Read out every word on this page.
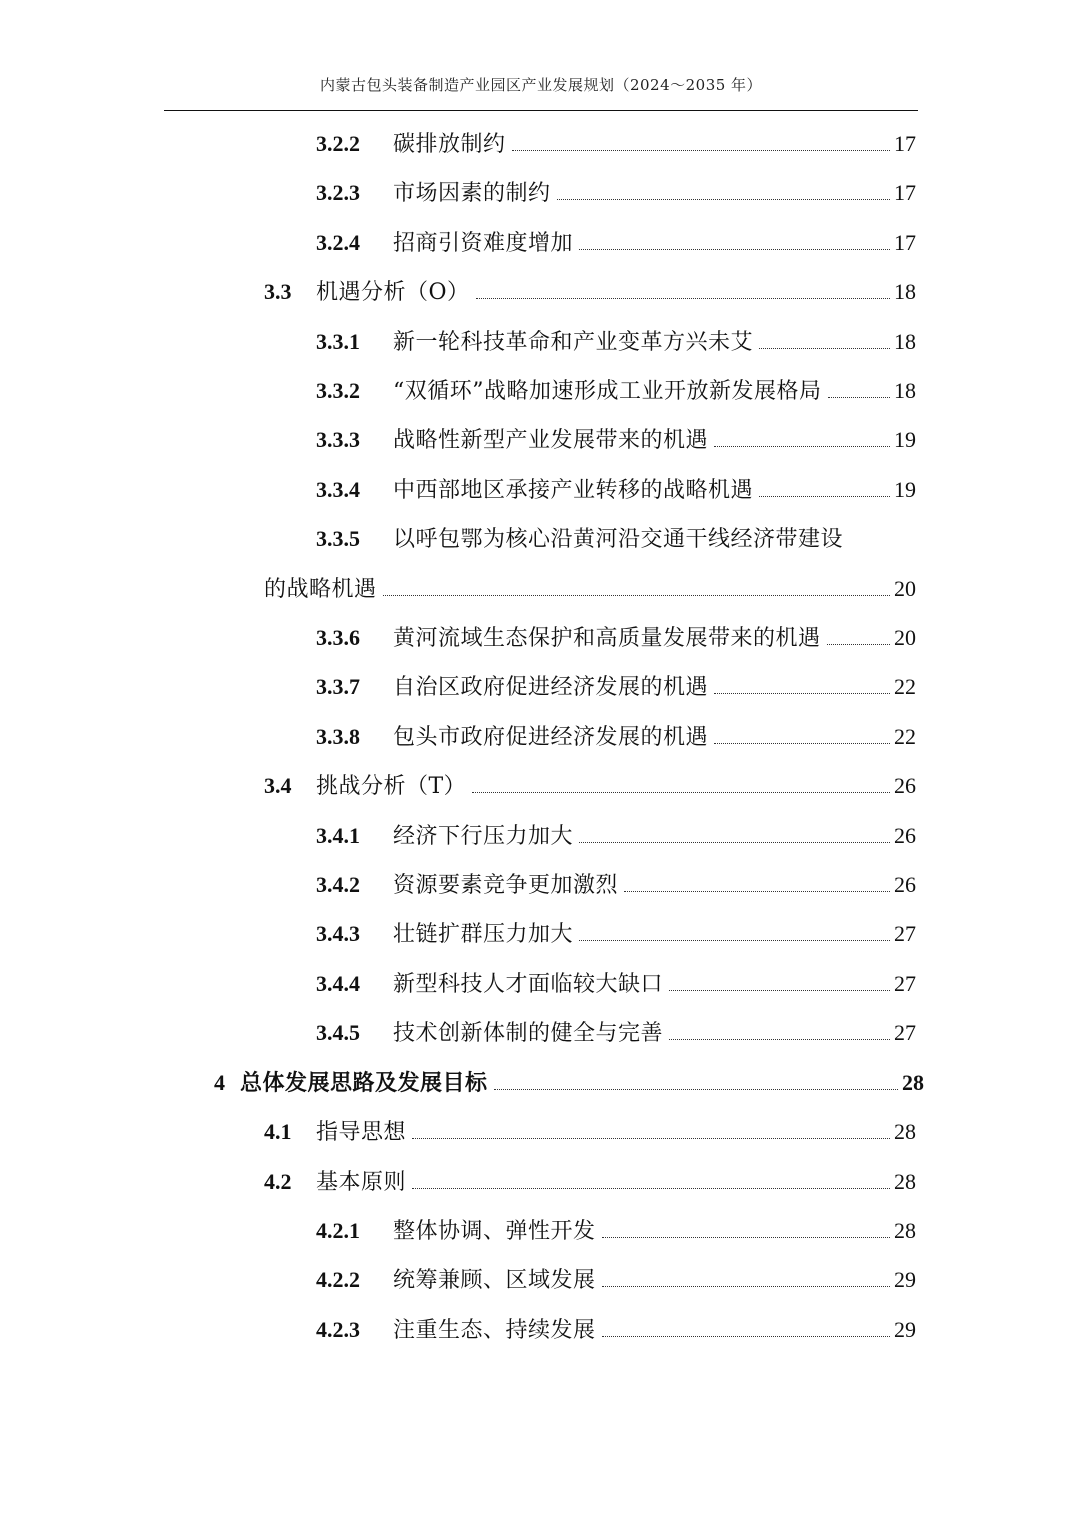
内蒙古包头装备制造产业园区产业发展规划（2024～2035 年）
3.2.2	碳排放制约	17
3.2.3	市场因素的制约	17
3.2.4	招商引资难度增加	17
3.3	机遇分析（O）	18
3.3.1	新一轮科技革命和产业变革方兴未艾	18
3.3.2	“双循环”战略加速形成工业开放新发展格局	18
3.3.3	战略性新型产业发展带来的机遇	19
3.3.4	中西部地区承接产业转移的战略机遇	19
3.3.5	以呼包鄂为核心沿黄河沿交通干线经济带建设
的战略机遇	20
3.3.6	黄河流域生态保护和高质量发展带来的机遇	20
3.3.7	自治区政府促进经济发展的机遇	22
3.3.8	包头市政府促进经济发展的机遇	22
3.4	挑战分析（T）	26
3.4.1	经济下行压力加大	26
3.4.2	资源要素竞争更加激烈	26
3.4.3	壮链扩群压力加大	27
3.4.4	新型科技人才面临较大缺口	27
3.4.5	技术创新体制的健全与完善	27
4 总体发展思路及发展目标	28
4.1	指导思想	28
4.2	基本原则	28
4.2.1	整体协调、弹性开发	28
4.2.2	统筹兼顾、区域发展	29
4.2.3	注重生态、持续发展	29
